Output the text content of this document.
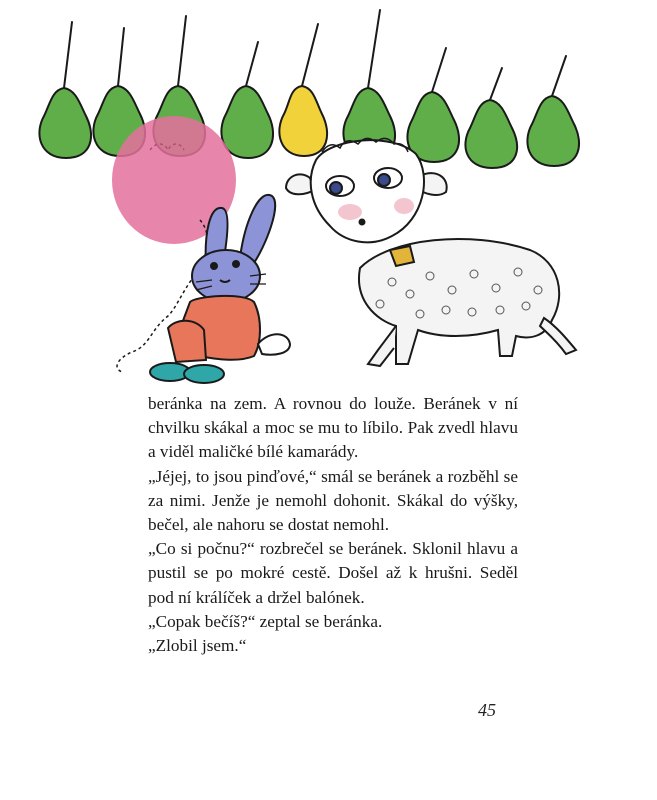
beránka na zem. A rovnou do louže. Beránek v ní chvilku skákal a moc se mu to líbilo. Pak zvedl hlavu a viděl maličké bílé kamarády.

„Jéjej, to jsou pinďové,“ smál se beránek a rozběhl se za nimi. Jenže je nemohl dohonit. Skákal do výšky, bečel, ale nahoru se dostat nemohl.

„Co si počnu?“ rozbrečel se beránek. Sklonil hlavu a pustil se po mokré cestě. Došel až k hrušni. Seděl pod ní králíček a držel balónek.

„Copak bečíš?“ zeptal se beránka.

„Zlobil jsem.“

45
